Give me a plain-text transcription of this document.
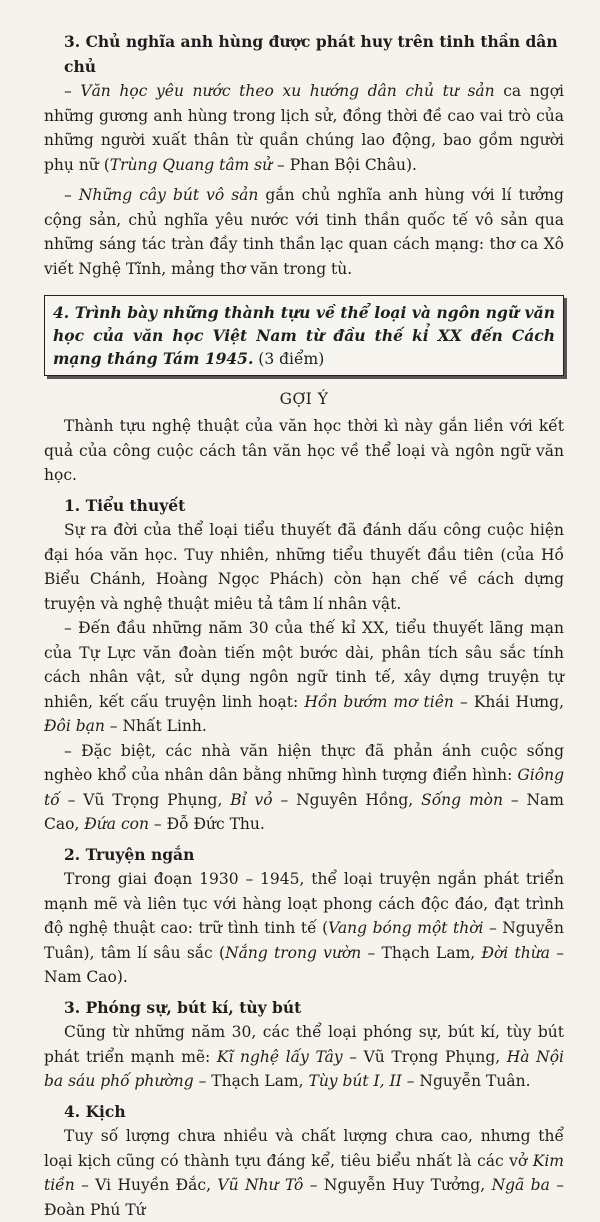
3. Chủ nghĩa anh hùng được phát huy trên tinh thần dân chủ

– Văn học yêu nước theo xu hướng dân chủ tư sản ca ngợi những gương anh hùng trong lịch sử, đồng thời đề cao vai trò của những người xuất thân từ quần chúng lao động, bao gồm người phụ nữ (Trùng Quang tâm sử – Phan Bội Châu).

– Những cây bút vô sản gắn chủ nghĩa anh hùng với lí tưởng cộng sản, chủ nghĩa yêu nước với tinh thần quốc tế vô sản qua những sáng tác tràn đầy tinh thần lạc quan cách mạng: thơ ca Xô viết Nghệ Tĩnh, mảng thơ văn trong tù.

4. Trình bày những thành tựu về thể loại và ngôn ngữ văn học của văn học Việt Nam từ đầu thế kỉ XX đến Cách mạng tháng Tám 1945. (3 điểm)

GỢI Ý

Thành tựu nghệ thuật của văn học thời kì này gắn liền với kết quả của công cuộc cách tân văn học về thể loại và ngôn ngữ văn học.

1. Tiểu thuyết

Sự ra đời của thể loại tiểu thuyết đã đánh dấu công cuộc hiện đại hóa văn học. Tuy nhiên, những tiểu thuyết đầu tiên (của Hồ Biểu Chánh, Hoàng Ngọc Phách) còn hạn chế về cách dựng truyện và nghệ thuật miêu tả tâm lí nhân vật.

– Đến đầu những năm 30 của thế kỉ XX, tiểu thuyết lãng mạn của Tự Lực văn đoàn tiến một bước dài, phân tích sâu sắc tính cách nhân vật, sử dụng ngôn ngữ tinh tế, xây dựng truyện tự nhiên, kết cấu truyện linh hoạt: Hồn bướm mơ tiên – Khái Hưng, Đôi bạn – Nhất Linh.

– Đặc biệt, các nhà văn hiện thực đã phản ánh cuộc sống nghèo khổ của nhân dân bằng những hình tượng điển hình: Giông tố – Vũ Trọng Phụng, Bỉ vỏ – Nguyên Hồng, Sống mòn – Nam Cao, Đứa con – Đỗ Đức Thu.

2. Truyện ngắn

Trong giai đoạn 1930 – 1945, thể loại truyện ngắn phát triển mạnh mẽ và liên tục với hàng loạt phong cách độc đáo, đạt trình độ nghệ thuật cao: trữ tình tinh tế (Vang bóng một thời – Nguyễn Tuân), tâm lí sâu sắc (Nắng trong vườn – Thạch Lam, Đời thừa – Nam Cao).

3. Phóng sự, bút kí, tùy bút

Cũng từ những năm 30, các thể loại phóng sự, bút kí, tùy bút phát triển mạnh mẽ: Kĩ nghệ lấy Tây – Vũ Trọng Phụng, Hà Nội ba sáu phố phường – Thạch Lam, Tùy bút I, II – Nguyễn Tuân.

4. Kịch

Tuy số lượng chưa nhiều và chất lượng chưa cao, nhưng thể loại kịch cũng có thành tựu đáng kể, tiêu biểu nhất là các vở Kim tiền – Vi Huyền Đắc, Vũ Như Tô – Nguyễn Huy Tưởng, Ngã ba – Đoàn Phú Tứ
